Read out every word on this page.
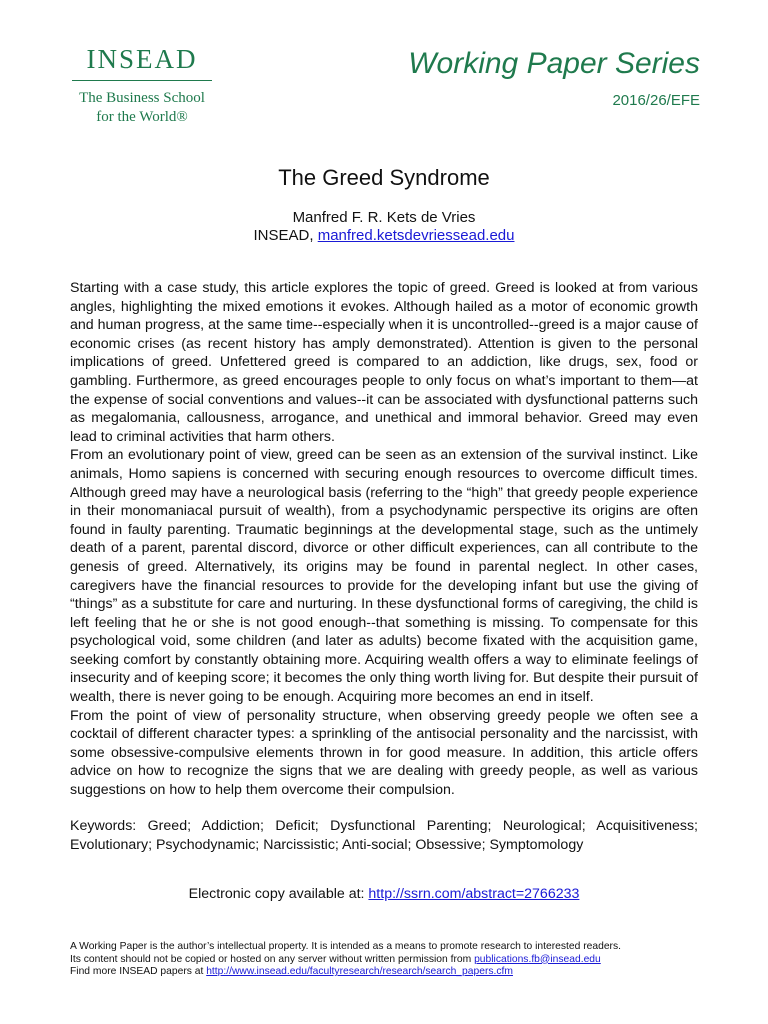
INSEAD
The Business School
for the World®
Working Paper Series
2016/26/EFE
The Greed Syndrome
Manfred F. R. Kets de Vries
INSEAD, manfred.ketsdevriessead.edu

Starting with a case study, this article explores the topic of greed. Greed is looked at from various angles, highlighting the mixed emotions it evokes. Although hailed as a motor of economic growth and human progress, at the same time--especially when it is uncontrolled--greed is a major cause of economic crises (as recent history has amply demonstrated). Attention is given to the personal implications of greed. Unfettered greed is compared to an addiction, like drugs, sex, food or gambling. Furthermore, as greed encourages people to only focus on what’s important to them—at the expense of social conventions and values--it can be associated with dysfunctional patterns such as megalomania, callousness, arrogance, and unethical and immoral behavior. Greed may even lead to criminal activities that harm others.

From an evolutionary point of view, greed can be seen as an extension of the survival instinct. Like animals, Homo sapiens is concerned with securing enough resources to overcome difficult times. Although greed may have a neurological basis (referring to the “high” that greedy people experience in their monomaniacal pursuit of wealth), from a psychodynamic perspective its origins are often found in faulty parenting. Traumatic beginnings at the developmental stage, such as the untimely death of a parent, parental discord, divorce or other difficult experiences, can all contribute to the genesis of greed. Alternatively, its origins may be found in parental neglect. In other cases, caregivers have the financial resources to provide for the developing infant but use the giving of “things” as a substitute for care and nurturing. In these dysfunctional forms of caregiving, the child is left feeling that he or she is not good enough--that something is missing. To compensate for this psychological void, some children (and later as adults) become fixated with the acquisition game, seeking comfort by constantly obtaining more. Acquiring wealth offers a way to eliminate feelings of insecurity and of keeping score; it becomes the only thing worth living for. But despite their pursuit of wealth, there is never going to be enough. Acquiring more becomes an end in itself.

From the point of view of personality structure, when observing greedy people we often see a cocktail of different character types: a sprinkling of the antisocial personality and the narcissist, with some obsessive-compulsive elements thrown in for good measure. In addition, this article offers advice on how to recognize the signs that we are dealing with greedy people, as well as various suggestions on how to help them overcome their compulsion.

Keywords: Greed; Addiction; Deficit; Dysfunctional Parenting; Neurological; Acquisitiveness; Evolutionary; Psychodynamic; Narcissistic; Anti-social; Obsessive; Symptomology
Electronic copy available at: http://ssrn.com/abstract=2766233
A Working Paper is the author’s intellectual property. It is intended as a means to promote research to interested readers.
Its content should not be copied or hosted on any server without written permission from publications.fb@insead.edu
Find more INSEAD papers at http://www.insead.edu/facultyresearch/research/search_papers.cfm
